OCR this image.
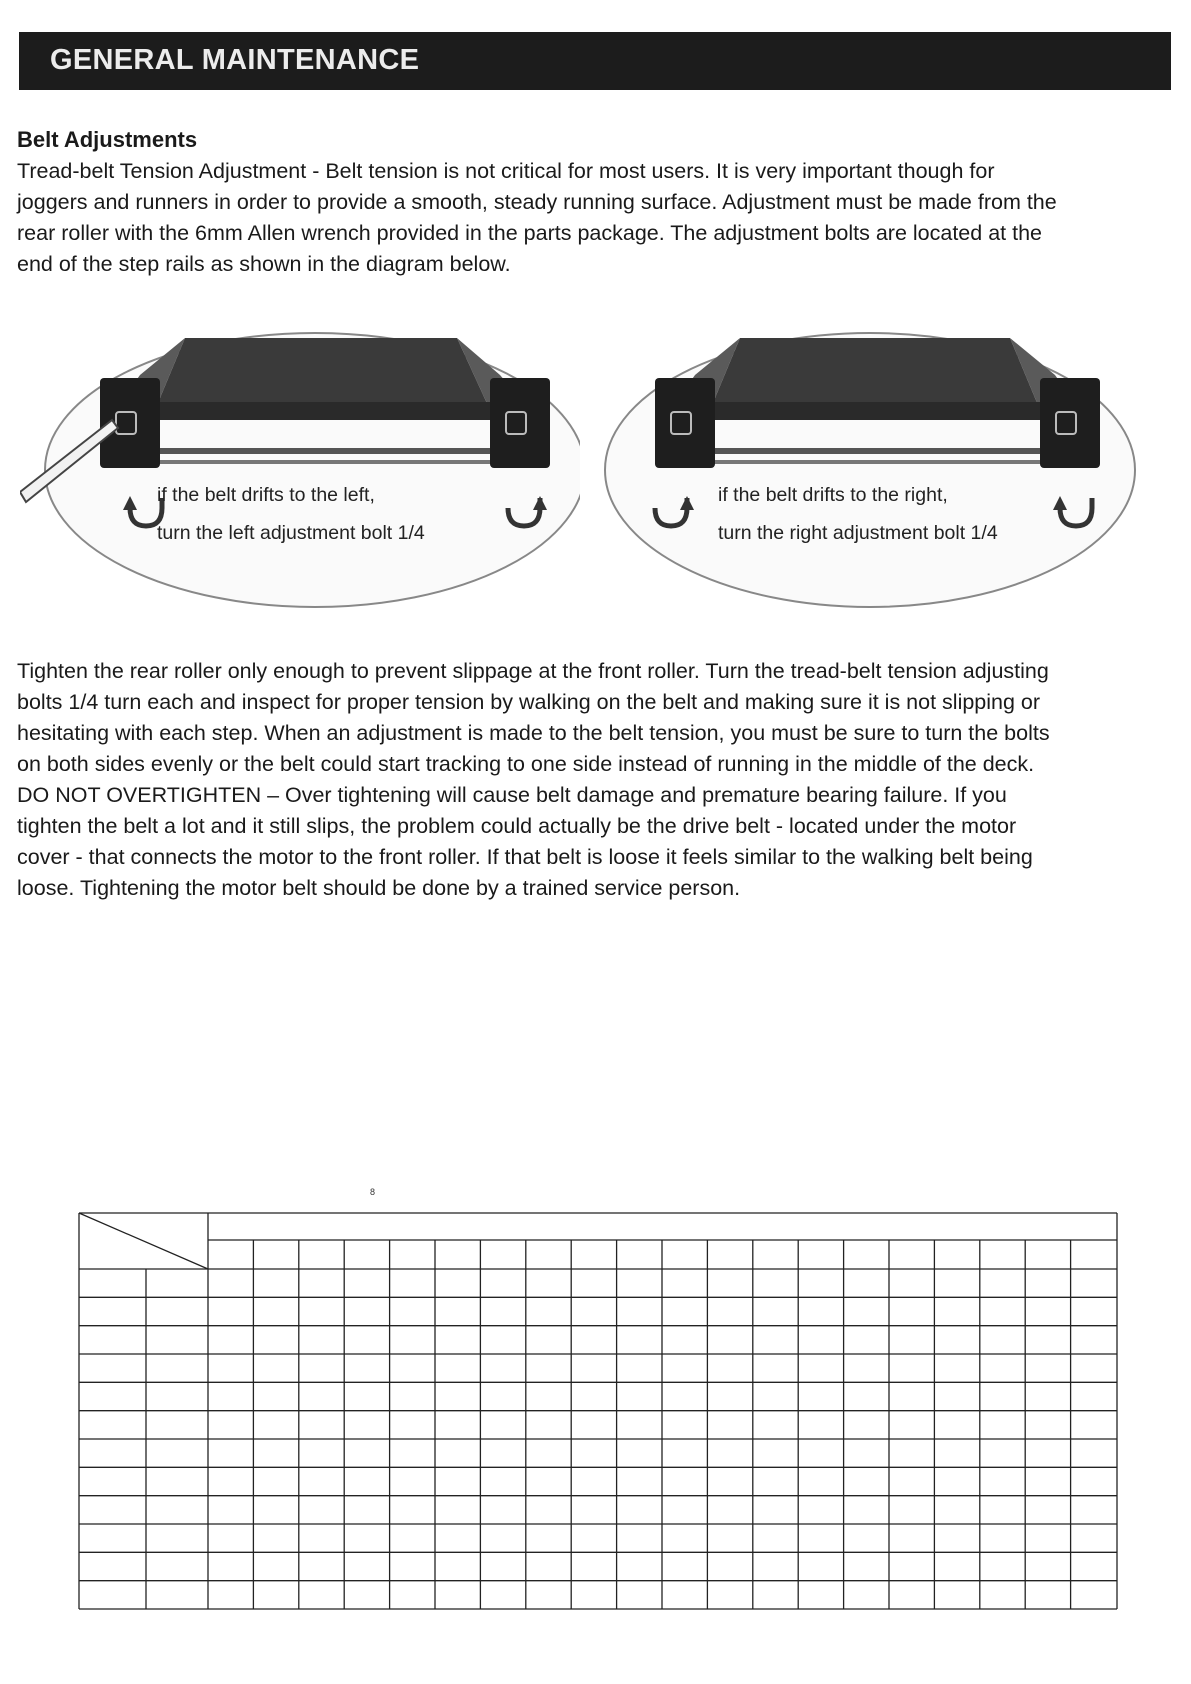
GENERAL MAINTENANCE
Belt Adjustments
Tread-belt Tension Adjustment - Belt tension is not critical for most users. It is very important though for
joggers and runners in order to provide a smooth, steady running surface. Adjustment must be made from the
rear roller with the 6mm Allen wrench provided in the parts package. The adjustment bolts are located at the
end of the step rails as shown in the diagram below.
if the belt drifts to the left,
turn the left adjustment bolt 1/4
if the belt drifts to the right,
turn the right adjustment bolt 1/4
Tighten the rear roller only enough to prevent slippage at the front roller. Turn the tread-belt tension adjusting
bolts 1/4 turn each and inspect for proper tension by walking on the belt and making sure it is not slipping or
hesitating with each step. When an adjustment is made to the belt tension, you must be sure to turn the bolts
on both sides evenly or the belt could start tracking to one side instead of running in the middle of the deck.
DO NOT OVERTIGHTEN – Over tightening will cause belt damage and premature bearing failure. If you
tighten the belt a lot and it still slips, the problem could actually be the drive belt - located under the motor
cover - that connects the motor to the front roller. If that belt is loose it feels similar to the walking belt being
loose. Tightening the motor belt should be done by a trained service person.
8
